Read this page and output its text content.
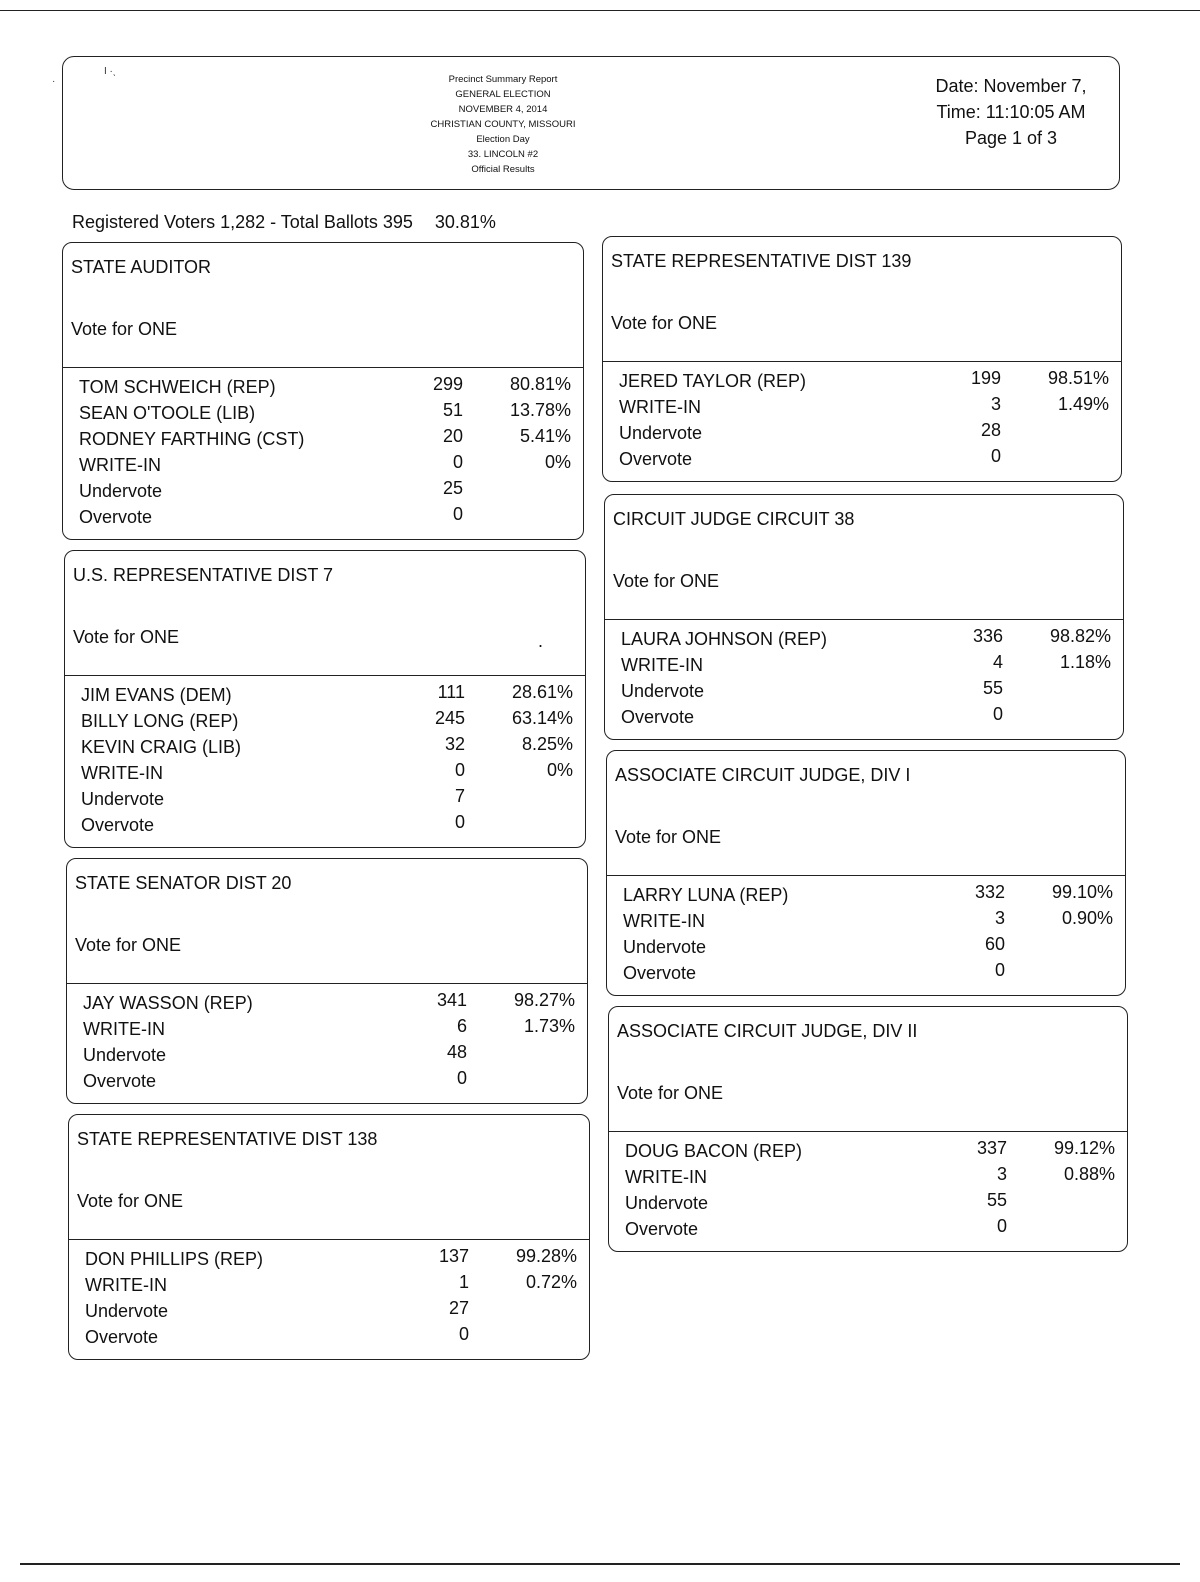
·
I ·ˎ
Precinct Summary Report
GENERAL ELECTION
NOVEMBER 4, 2014
CHRISTIAN COUNTY, MISSOURI
Election Day
33. LINCOLN #2
Official Results
Date: November 7,
Time: 11:10:05 AM
Page 1 of 3
Registered Voters 1,282 - Total Ballots 395 30.81%
STATE AUDITOR
Vote for ONE
TOM SCHWEICH (REP)	299	80.81%
SEAN O'TOOLE (LIB)	51	13.78%
RODNEY FARTHING (CST)	20	5.41%
WRITE-IN	0	0%
Undervote	25
Overvote	0
U.S. REPRESENTATIVE DIST 7
Vote for ONE	.
JIM EVANS (DEM)	111	28.61%
BILLY LONG (REP)	245	63.14%
KEVIN CRAIG (LIB)	32	8.25%
WRITE-IN	0	0%
Undervote	7
Overvote	0
STATE SENATOR DIST 20
Vote for ONE
JAY WASSON (REP)	341	98.27%
WRITE-IN	6	1.73%
Undervote	48
Overvote	0
STATE REPRESENTATIVE DIST 138
Vote for ONE
DON PHILLIPS (REP)	137	99.28%
WRITE-IN	1	0.72%
Undervote	27
Overvote	0
STATE REPRESENTATIVE DIST 139
Vote for ONE
JERED TAYLOR (REP)	199	98.51%
WRITE-IN	3	1.49%
Undervote	28
Overvote	0
CIRCUIT JUDGE CIRCUIT 38
Vote for ONE
LAURA JOHNSON (REP)	336	98.82%
WRITE-IN	4	1.18%
Undervote	55
Overvote	0
ASSOCIATE CIRCUIT JUDGE, DIV I
Vote for ONE
LARRY LUNA (REP)	332	99.10%
WRITE-IN	3	0.90%
Undervote	60
Overvote	0
ASSOCIATE CIRCUIT JUDGE, DIV II
Vote for ONE
DOUG BACON (REP)	337	99.12%
WRITE-IN	3	0.88%
Undervote	55
Overvote	0
